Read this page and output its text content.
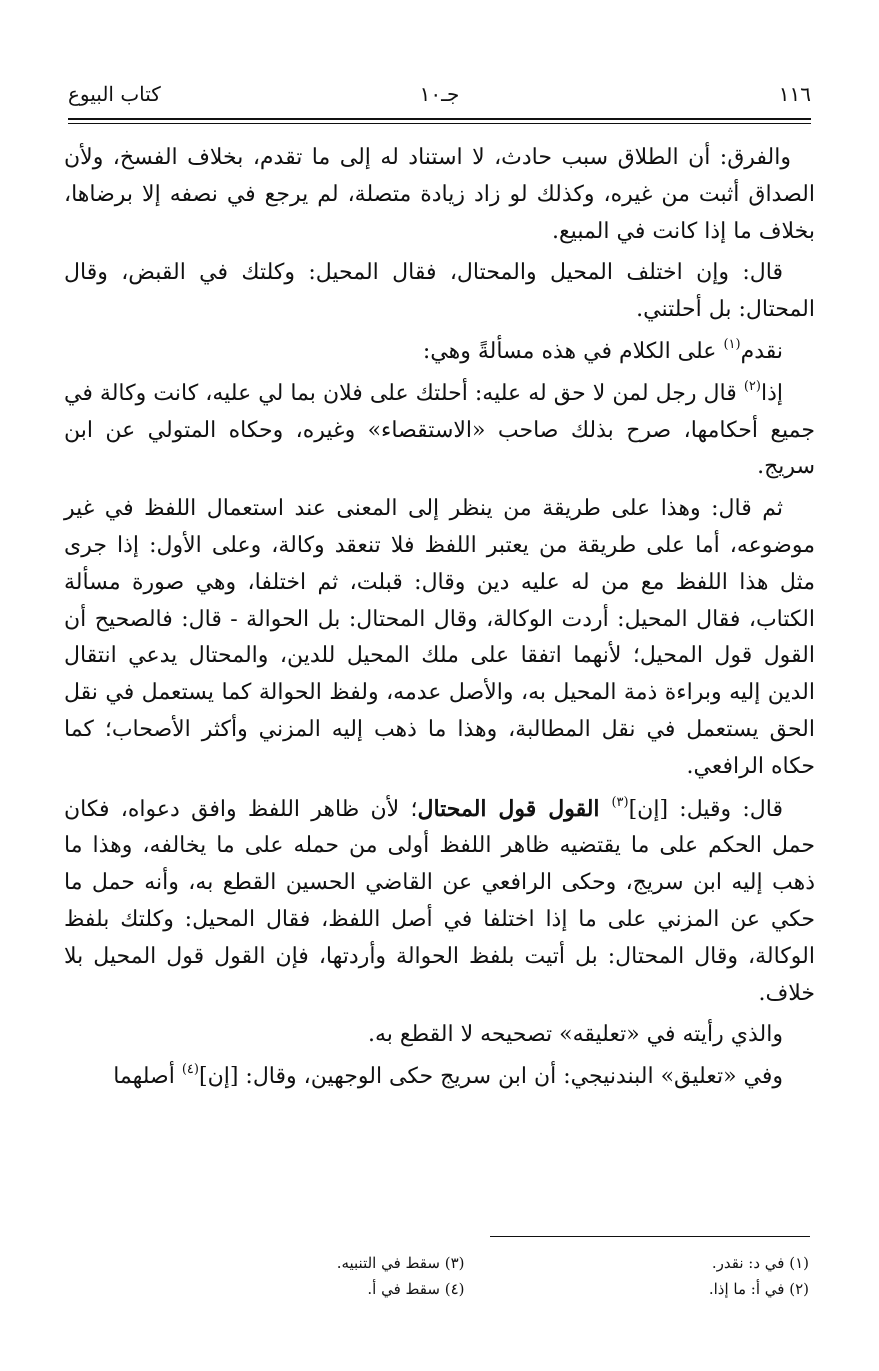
١١٦
جـ١٠
كتاب البيوع

والفرق: أن الطلاق سبب حادث، لا استناد له إلى ما تقدم، بخلاف الفسخ، ولأن الصداق أثبت من غيره، وكذلك لو زاد زيادة متصلة، لم يرجع في نصفه إلا برضاها، بخلاف ما إذا كانت في المبيع.

قال: وإن اختلف المحيل والمحتال، فقال المحيل: وكلتك في القبض، وقال المحتال: بل أحلتني.

نقدم$^{(١)}$ على الكلام في هذه مسألةً وهي:

إذا$^{(٢)}$ قال رجل لمن لا حق له عليه: أحلتك على فلان بما لي عليه، كانت وكالة في جميع أحكامها، صرح بذلك صاحب «الاستقصاء» وغيره، وحكاه المتولي عن ابن سريج.

ثم قال: وهذا على طريقة من ينظر إلى المعنى عند استعمال اللفظ في غير موضوعه، أما على طريقة من يعتبر اللفظ فلا تنعقد وكالة، وعلى الأول: إذا جرى مثل هذا اللفظ مع من له عليه دين وقال: قبلت، ثم اختلفا، وهي صورة مسألة الكتاب، فقال المحيل: أردت الوكالة، وقال المحتال: بل الحوالة - قال: فالصحيح أن القول قول المحيل؛ لأنهما اتفقا على ملك المحيل للدين، والمحتال يدعي انتقال الدين إليه وبراءة ذمة المحيل به، والأصل عدمه، ولفظ الحوالة كما يستعمل في نقل الحق يستعمل في نقل المطالبة، وهذا ما ذهب إليه المزني وأكثر الأصحاب؛ كما حكاه الرافعي.

قال: وقيل: [إن]$^{(٣)}$ القول قول المحتال؛ لأن ظاهر اللفظ وافق دعواه، فكان حمل الحكم على ما يقتضيه ظاهر اللفظ أولى من حمله على ما يخالفه، وهذا ما ذهب إليه ابن سريج، وحكى الرافعي عن القاضي الحسين القطع به، وأنه حمل ما حكي عن المزني على ما إذا اختلفا في أصل اللفظ، فقال المحيل: وكلتك بلفظ الوكالة، وقال المحتال: بل أتيت بلفظ الحوالة وأردتها، فإن القول قول المحيل بلا خلاف.

والذي رأيته في «تعليقه» تصحيحه لا القطع به.

وفي «تعليق» البندنيجي: أن ابن سريج حكى الوجهين، وقال: [إن]$^{(٤)}$ أصلهما

(١) في د: نقدر.
(٢) في أ: ما إذا.
(٣) سقط في التنبيه.
(٤) سقط في أ.
